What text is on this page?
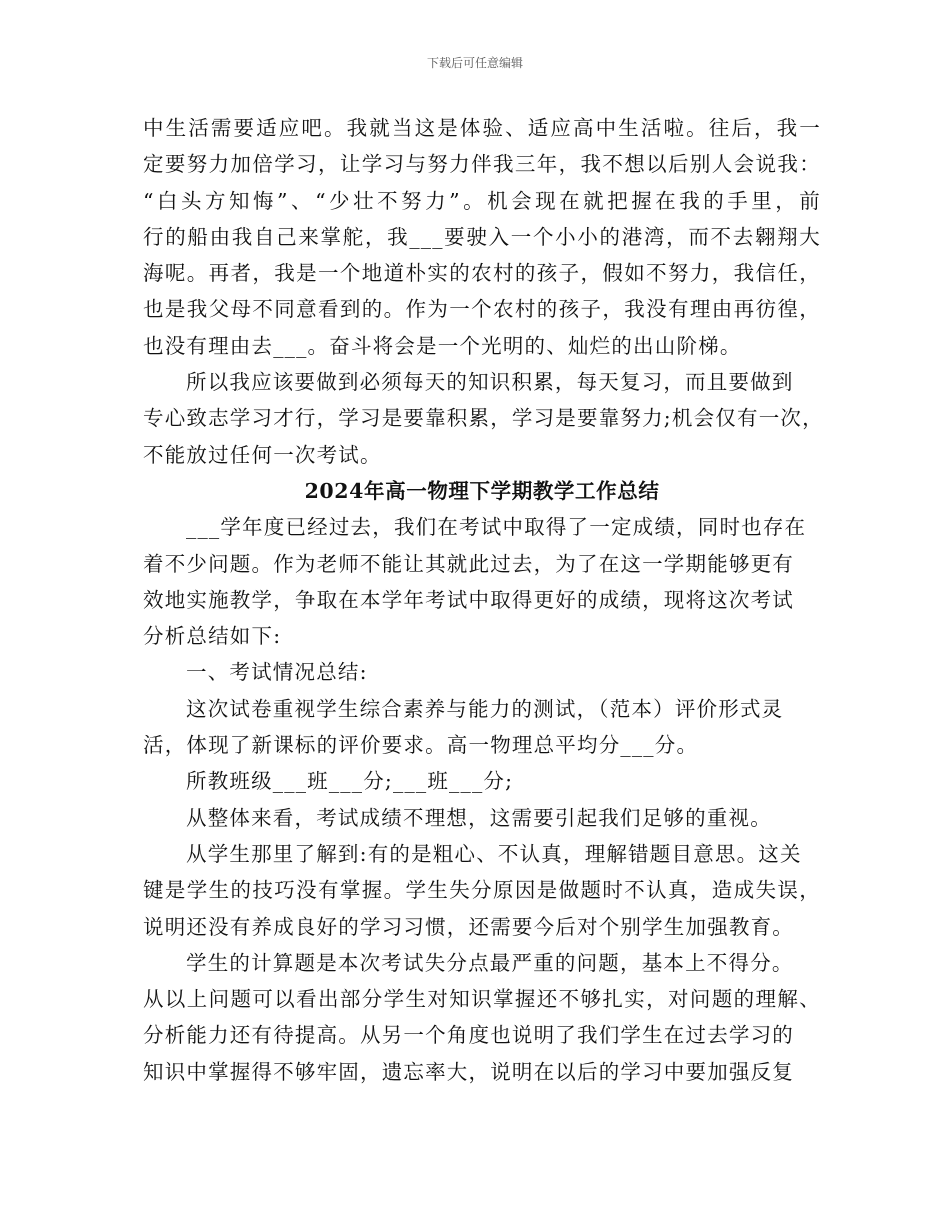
下载后可任意编辑
中生活需要适应吧。我就当这是体验、适应高中生活啦。往后，我一
定要努力加倍学习，让学习与努力伴我三年，我不想以后别人会说我：
“白头方知悔”、“少壮不努力”。机会现在就把握在我的手里，前
行的船由我自己来掌舵，我___要驶入一个小小的港湾，而不去翱翔大
海呢。再者，我是一个地道朴实的农村的孩子，假如不努力，我信任，
也是我父母不同意看到的。作为一个农村的孩子，我没有理由再彷徨，
也没有理由去___。奋斗将会是一个光明的、灿烂的出山阶梯。
所以我应该要做到必须每天的知识积累，每天复习，而且要做到
专心致志学习才行，学习是要靠积累，学习是要靠努力;机会仅有一次，
不能放过任何一次考试。
2024年高一物理下学期教学工作总结
___学年度已经过去，我们在考试中取得了一定成绩，同时也存在
着不少问题。作为老师不能让其就此过去，为了在这一学期能够更有
效地实施教学，争取在本学年考试中取得更好的成绩，现将这次考试
分析总结如下:
一、考试情况总结:
这次试卷重视学生综合素养与能力的测试，（范本）评价形式灵
活，体现了新课标的评价要求。高一物理总平均分___分。
所教班级___班___分;___班___分;
从整体来看，考试成绩不理想，这需要引起我们足够的重视。
从学生那里了解到:有的是粗心、不认真，理解错题目意思。这关
键是学生的技巧没有掌握。学生失分原因是做题时不认真，造成失误，
说明还没有养成良好的学习习惯，还需要今后对个别学生加强教育。
学生的计算题是本次考试失分点最严重的问题，基本上不得分。
从以上问题可以看出部分学生对知识掌握还不够扎实，对问题的理解、
分析能力还有待提高。从另一个角度也说明了我们学生在过去学习的
知识中掌握得不够牢固，遗忘率大，说明在以后的学习中要加强反复
